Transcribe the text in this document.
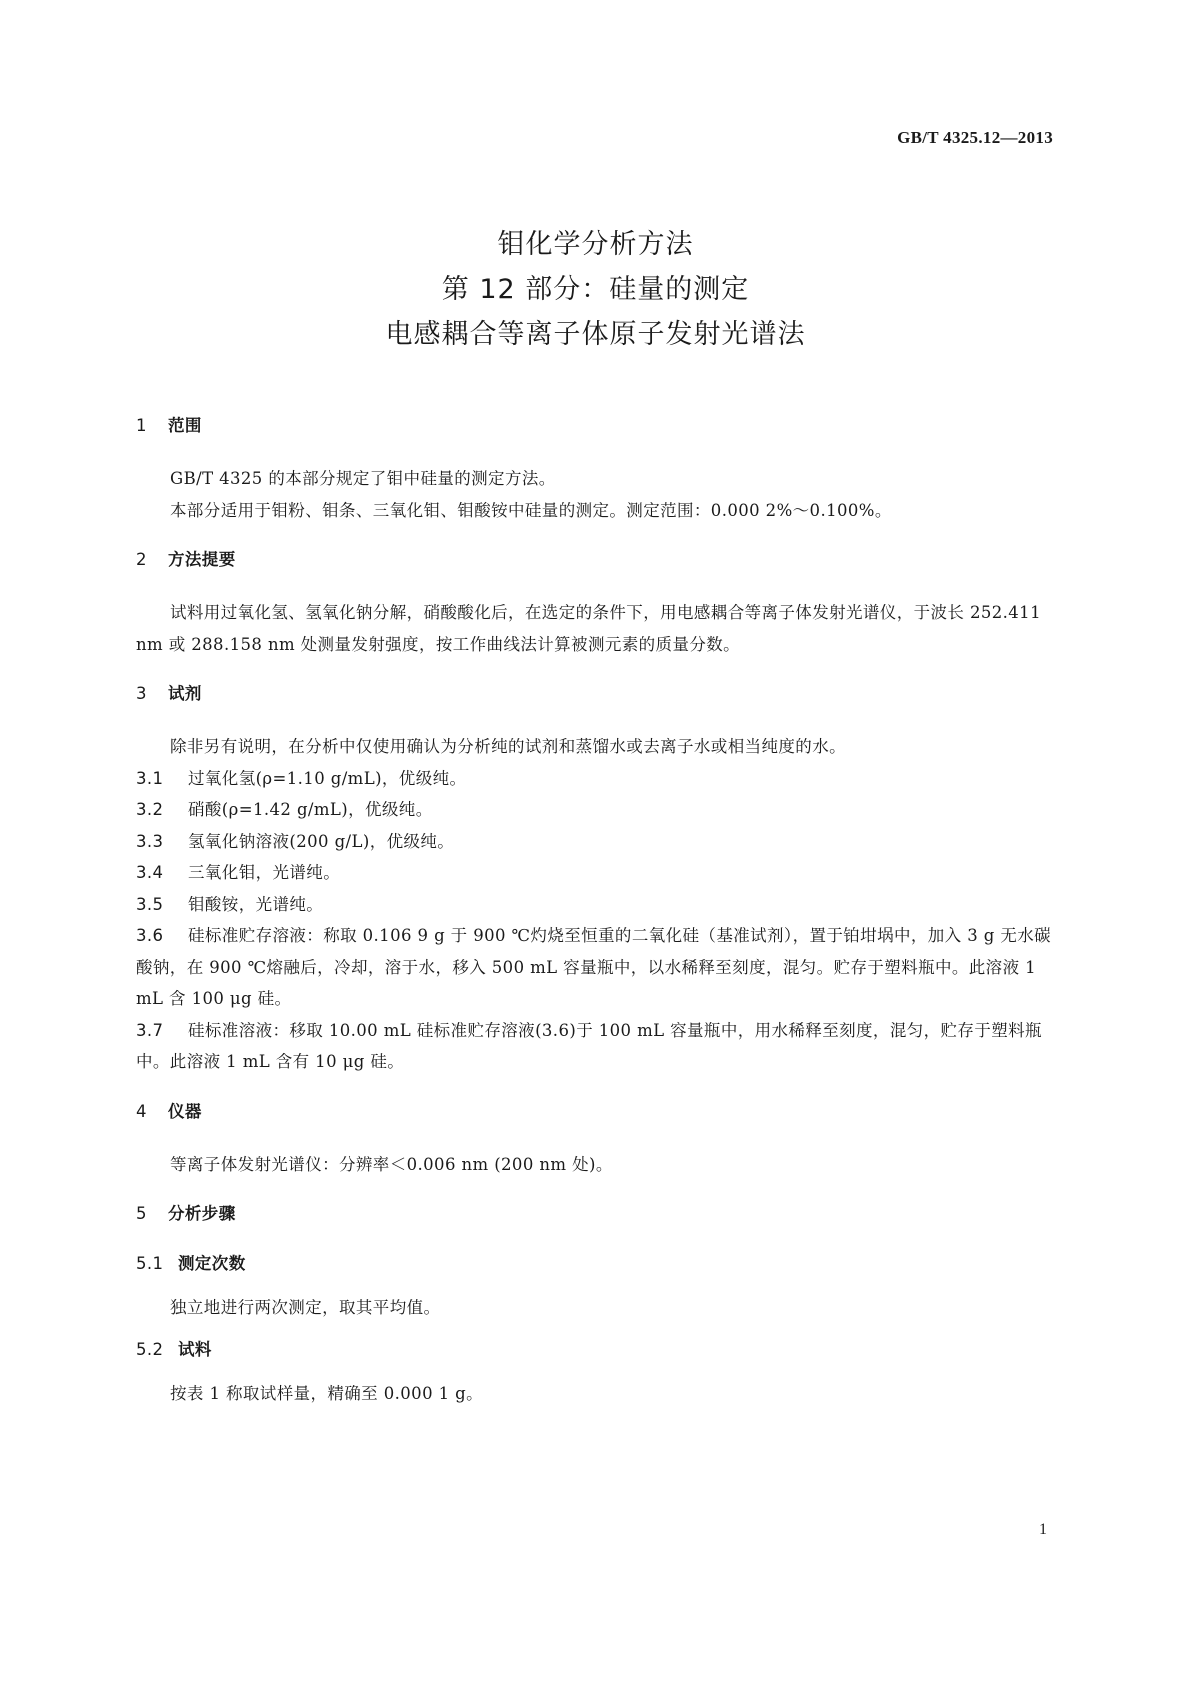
GB/T 4325.12—2013
钼化学分析方法
第 12 部分：硅量的测定
电感耦合等离子体原子发射光谱法
1 范围

GB/T 4325 的本部分规定了钼中硅量的测定方法。

本部分适用于钼粉、钼条、三氧化钼、钼酸铵中硅量的测定。测定范围：0.000 2%～0.100%。

2 方法提要

试料用过氧化氢、氢氧化钠分解，硝酸酸化后，在选定的条件下，用电感耦合等离子体发射光谱仪，于波长 252.411 nm 或 288.158 nm 处测量发射强度，按工作曲线法计算被测元素的质量分数。

3 试剂

除非另有说明，在分析中仅使用确认为分析纯的试剂和蒸馏水或去离子水或相当纯度的水。

3.1 过氧化氢(ρ=1.10 g/mL)，优级纯。
3.2 硝酸(ρ=1.42 g/mL)，优级纯。
3.3 氢氧化钠溶液(200 g/L)，优级纯。
3.4 三氧化钼，光谱纯。
3.5 钼酸铵，光谱纯。
3.6 硅标准贮存溶液：称取 0.106 9 g 于 900 ℃灼烧至恒重的二氧化硅（基准试剂），置于铂坩埚中，加入 3 g 无水碳酸钠，在 900 ℃熔融后，冷却，溶于水，移入 500 mL 容量瓶中，以水稀释至刻度，混匀。贮存于塑料瓶中。此溶液 1 mL 含 100 μg 硅。
3.7 硅标准溶液：移取 10.00 mL 硅标准贮存溶液(3.6)于 100 mL 容量瓶中，用水稀释至刻度，混匀，贮存于塑料瓶中。此溶液 1 mL 含有 10 μg 硅。
4 仪器

等离子体发射光谱仪：分辨率＜0.006 nm (200 nm 处)。

5 分析步骤
5.1 测定次数

独立地进行两次测定，取其平均值。

5.2 试料

按表 1 称取试样量，精确至 0.000 1 g。

1
